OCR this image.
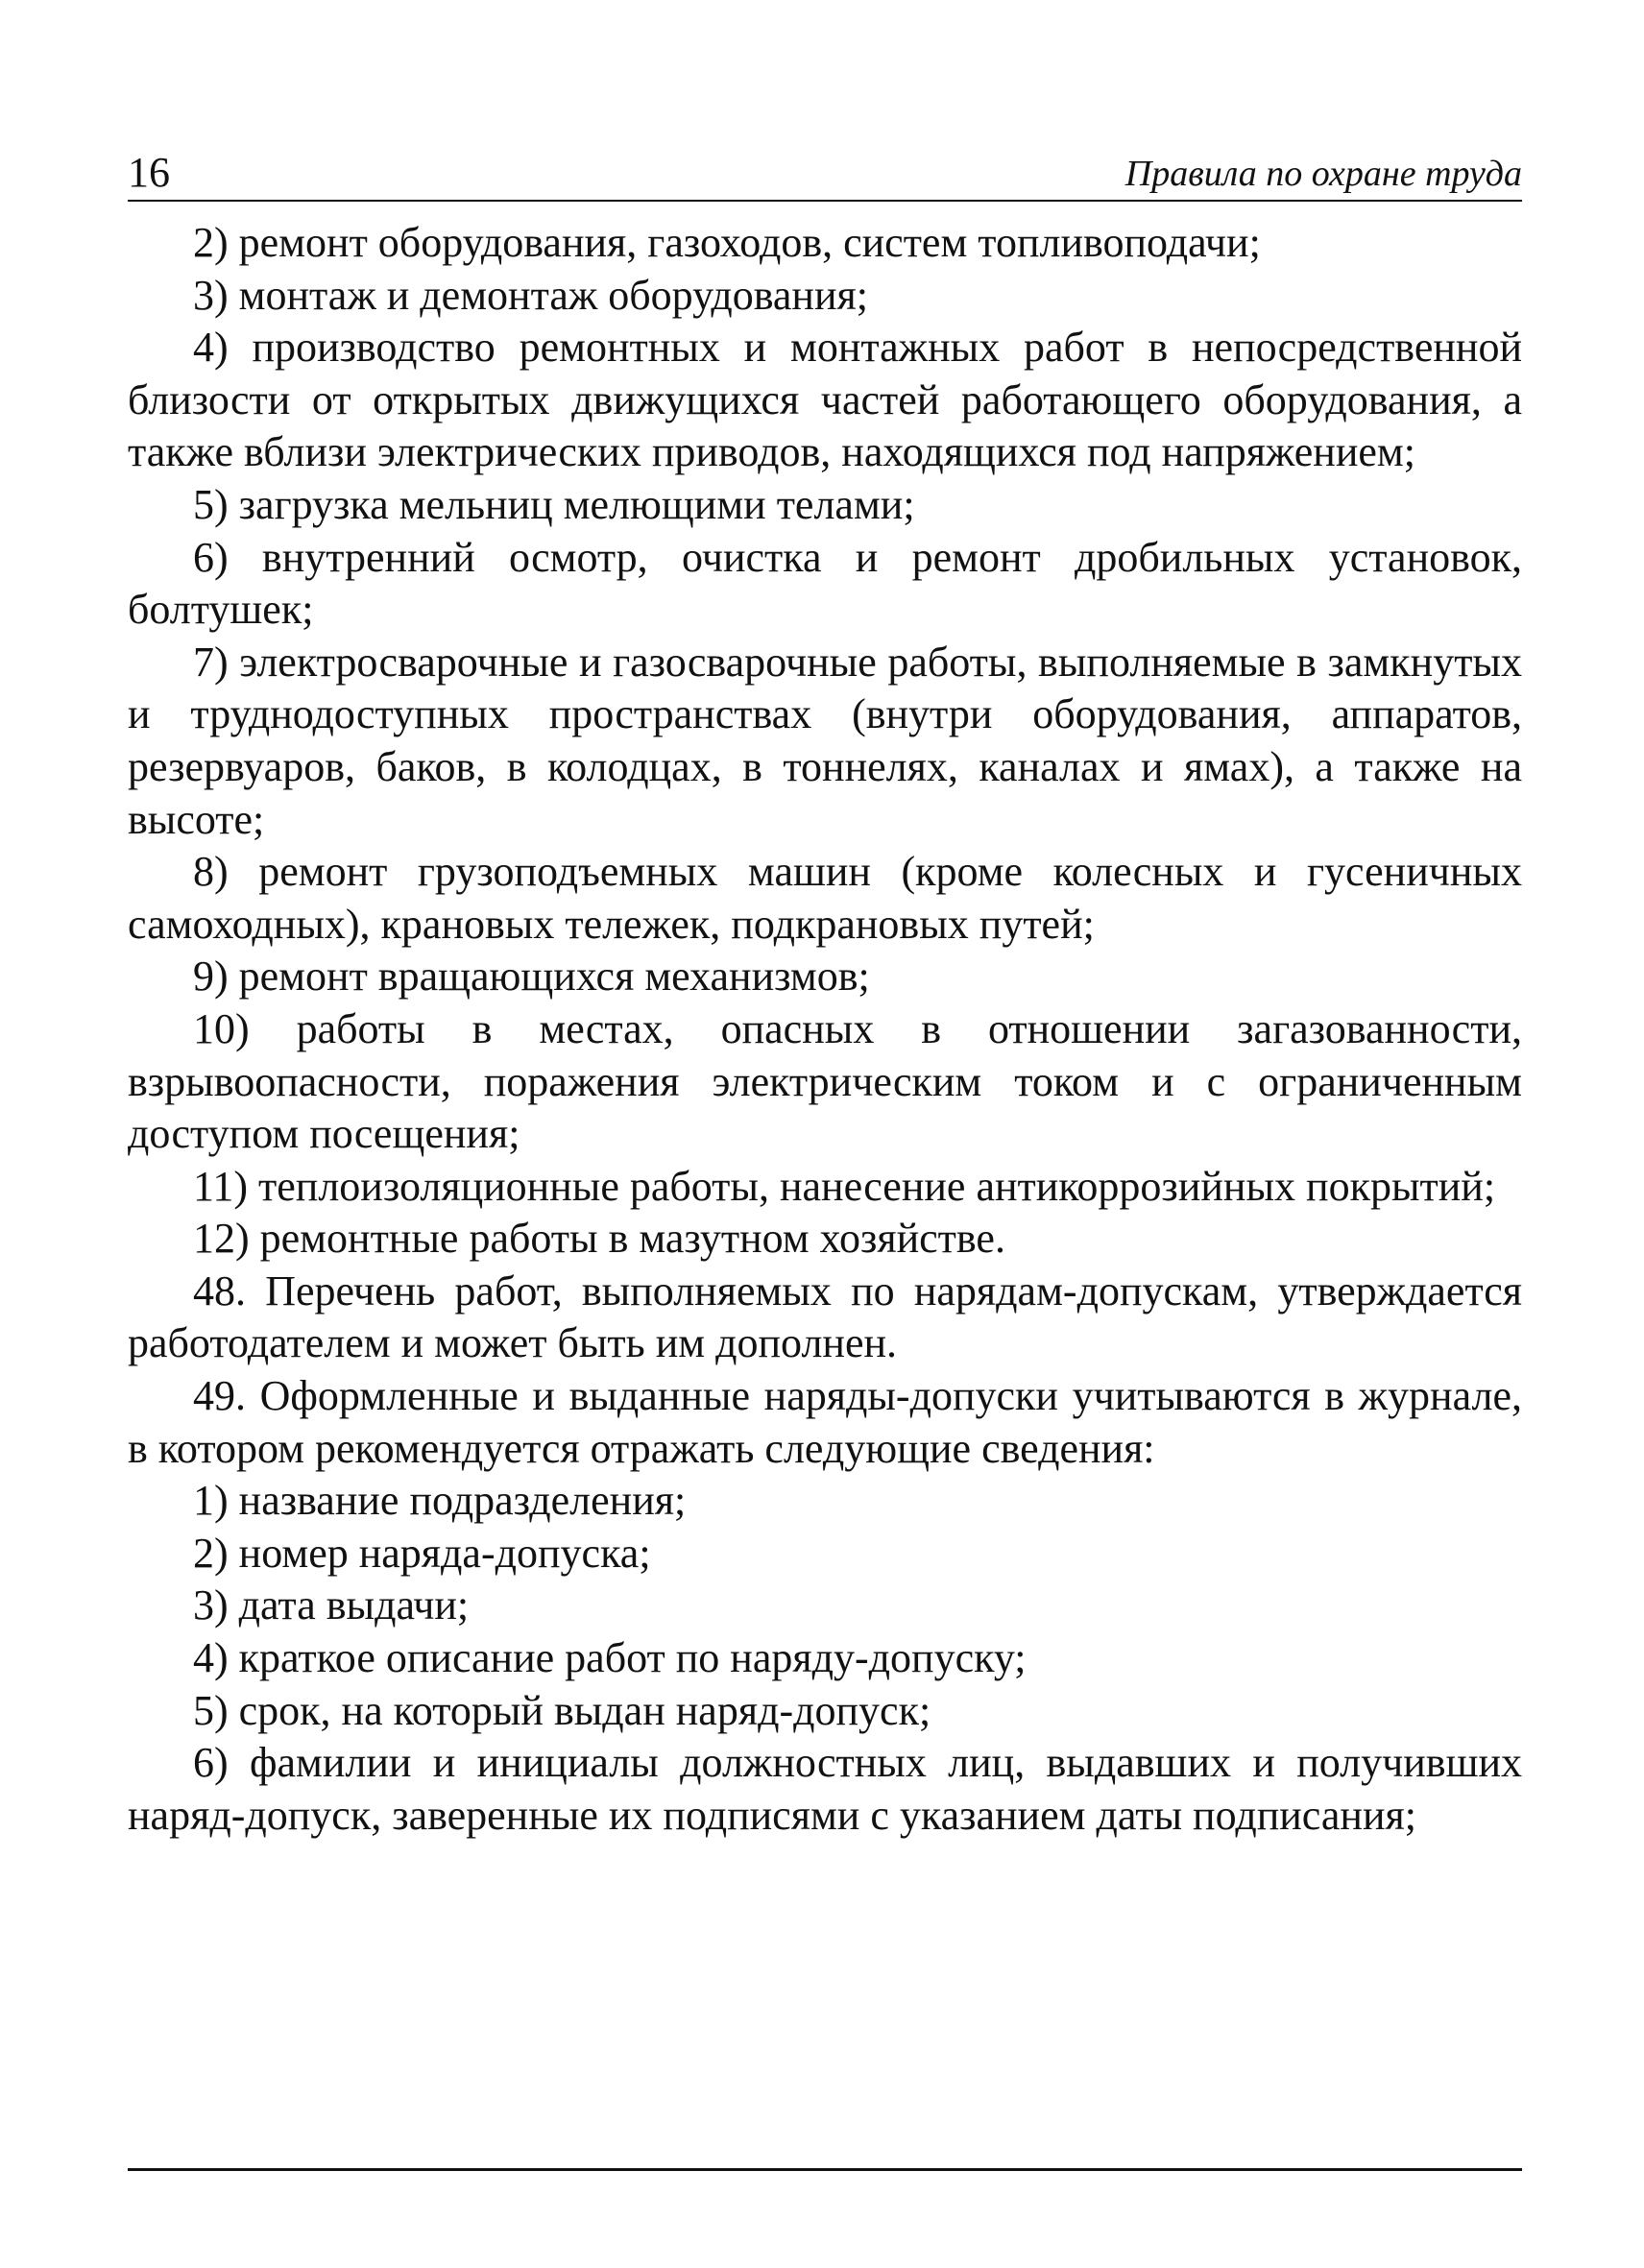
16	Правила по охране труда

2) ремонт оборудования, газоходов, систем топливоподачи;

3) монтаж и демонтаж оборудования;

4) производство ремонтных и монтажных работ в непосредственной близости от открытых движущихся частей работающего оборудования, а также вблизи электрических приводов, находящихся под напряжением;

5) загрузка мельниц мелющими телами;

6) внутренний осмотр, очистка и ремонт дробильных установок, болтушек;

7) электросварочные и газосварочные работы, выполняемые в замкнутых и труднодоступных пространствах (внутри оборудования, аппаратов, резервуаров, баков, в колодцах, в тоннелях, каналах и ямах), а также на высоте;

8) ремонт грузоподъемных машин (кроме колесных и гусеничных самоходных), крановых тележек, подкрановых путей;

9) ремонт вращающихся механизмов;

10) работы в местах, опасных в отношении загазованности, взрывоопасности, поражения электрическим током и с ограниченным доступом посещения;

11) теплоизоляционные работы, нанесение антикоррозийных покрытий;

12) ремонтные работы в мазутном хозяйстве.

48. Перечень работ, выполняемых по нарядам-допускам, утверждается работодателем и может быть им дополнен.

49. Оформленные и выданные наряды-допуски учитываются в журнале, в котором рекомендуется отражать следующие сведения:

1) название подразделения;

2) номер наряда-допуска;

3) дата выдачи;

4) краткое описание работ по наряду-допуску;

5) срок, на который выдан наряд-допуск;

6) фамилии и инициалы должностных лиц, выдавших и получивших наряд-допуск, заверенные их подписями с указанием даты подписания;
